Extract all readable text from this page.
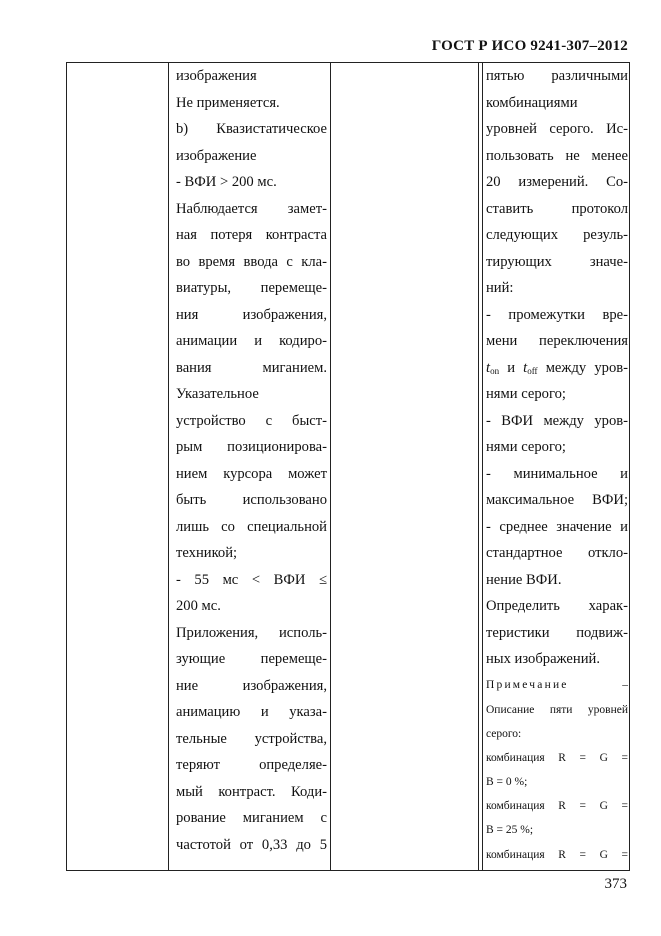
ГОСТ Р ИСО 9241-307–2012
изображения
Не применяется.
b) Квазистатическое
изображение
- ВФИ > 200 мс.
Наблюдается замет-
ная потеря контраста
во время ввода с кла-
виатуры, перемеще-
ния изображения,
анимации и кодиро-
вания миганием.
Указательное
устройство с быст-
рым позиционирова-
нием курсора может
быть использовано
лишь со специальной
техникой;
- 55 мс < ВФИ ≤
200 мс.
Приложения, исполь-
зующие перемеще-
ние изображения,
анимацию и указа-
тельные устройства,
теряют определяе-
мый контраст. Коди-
рование миганием с
частотой от 0,33 до 5
пятью различными
комбинациями
уровней серого. Ис-
пользовать не менее
20 измерений. Со-
ставить протокол
следующих резуль-
тирующих значе-
ний:
- промежутки вре-
мени переключения
$t_{on}$ и $t_{off}$ между уров-
нями серого;
- ВФИ между уров-
нями серого;
- минимальное и
максимальное ВФИ;
- среднее значение и
стандартное откло-
нение ВФИ.
Определить харак-
теристики подвиж-
ных изображений.
Примечание	–
Описание пяти уровней
серого:
комбинация R = G =
B = 0 %;
комбинация R = G =
B = 25 %;
комбинация R = G =
373
